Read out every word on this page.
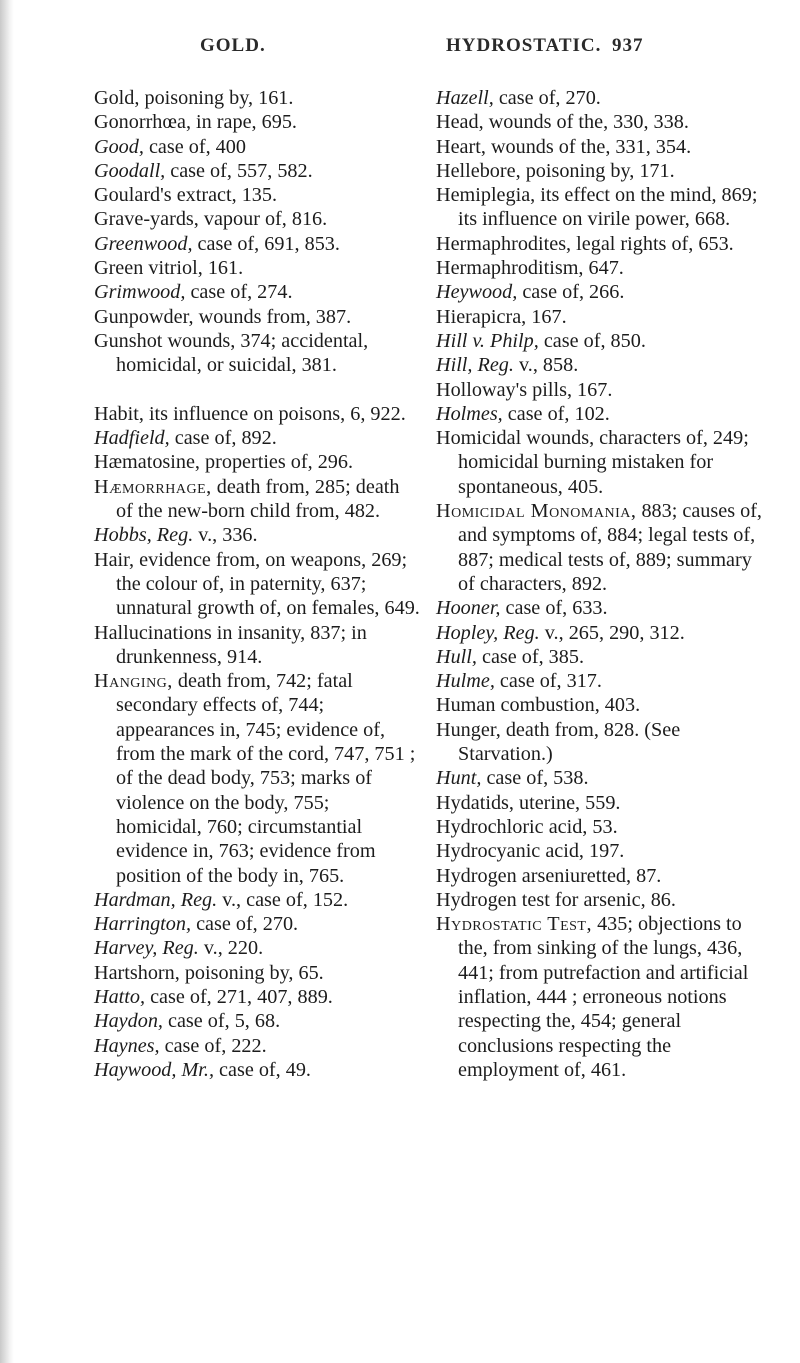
GOLD.	HYDROSTATIC. 937

Gold, poisoning by, 161.

Gonorrhœa, in rape, 695.

Good, case of, 400

Goodall, case of, 557, 582.

Goulard's extract, 135.

Grave-yards, vapour of, 816.

Greenwood, case of, 691, 853.

Green vitriol, 161.

Grimwood, case of, 274.

Gunpowder, wounds from, 387.

Gunshot wounds, 374; accidental, homicidal, or suicidal, 381.

Habit, its influence on poisons, 6, 922.

Hadfield, case of, 892.

Hæmatosine, properties of, 296.

Hæmorrhage, death from, 285; death of the new-born child from, 482.

Hobbs, Reg. v., 336.

Hair, evidence from, on weapons, 269; the colour of, in paternity, 637; unnatural growth of, on females, 649.

Hallucinations in insanity, 837; in drunkenness, 914.

Hanging, death from, 742; fatal secondary effects of, 744; appearances in, 745; evidence of, from the mark of the cord, 747, 751 ; of the dead body, 753; marks of violence on the body, 755; homicidal, 760; circumstantial evidence in, 763; evidence from position of the body in, 765.

Hardman, Reg. v., case of, 152.

Harrington, case of, 270.

Harvey, Reg. v., 220.

Hartshorn, poisoning by, 65.

Hatto, case of, 271, 407, 889.

Haydon, case of, 5, 68.

Haynes, case of, 222.

Haywood, Mr., case of, 49.

Hazell, case of, 270.

Head, wounds of the, 330, 338.

Heart, wounds of the, 331, 354.

Hellebore, poisoning by, 171.

Hemiplegia, its effect on the mind, 869; its influence on virile power, 668.

Hermaphrodites, legal rights of, 653.

Hermaphroditism, 647.

Heywood, case of, 266.

Hierapicra, 167.

Hill v. Philp, case of, 850.

Hill, Reg. v., 858.

Holloway's pills, 167.

Holmes, case of, 102.

Homicidal wounds, characters of, 249; homicidal burning mistaken for spontaneous, 405.

Homicidal Monomania, 883; causes of, and symptoms of, 884; legal tests of, 887; medical tests of, 889; summary of characters, 892.

Hooner, case of, 633.

Hopley, Reg. v., 265, 290, 312.

Hull, case of, 385.

Hulme, case of, 317.

Human combustion, 403.

Hunger, death from, 828. (See Starvation.)

Hunt, case of, 538.

Hydatids, uterine, 559.

Hydrochloric acid, 53.

Hydrocyanic acid, 197.

Hydrogen arseniuretted, 87.

Hydrogen test for arsenic, 86.

Hydrostatic Test, 435; objections to the, from sinking of the lungs, 436, 441; from putrefaction and artificial inflation, 444 ; erroneous notions respecting the, 454; general conclusions respecting the employment of, 461.
